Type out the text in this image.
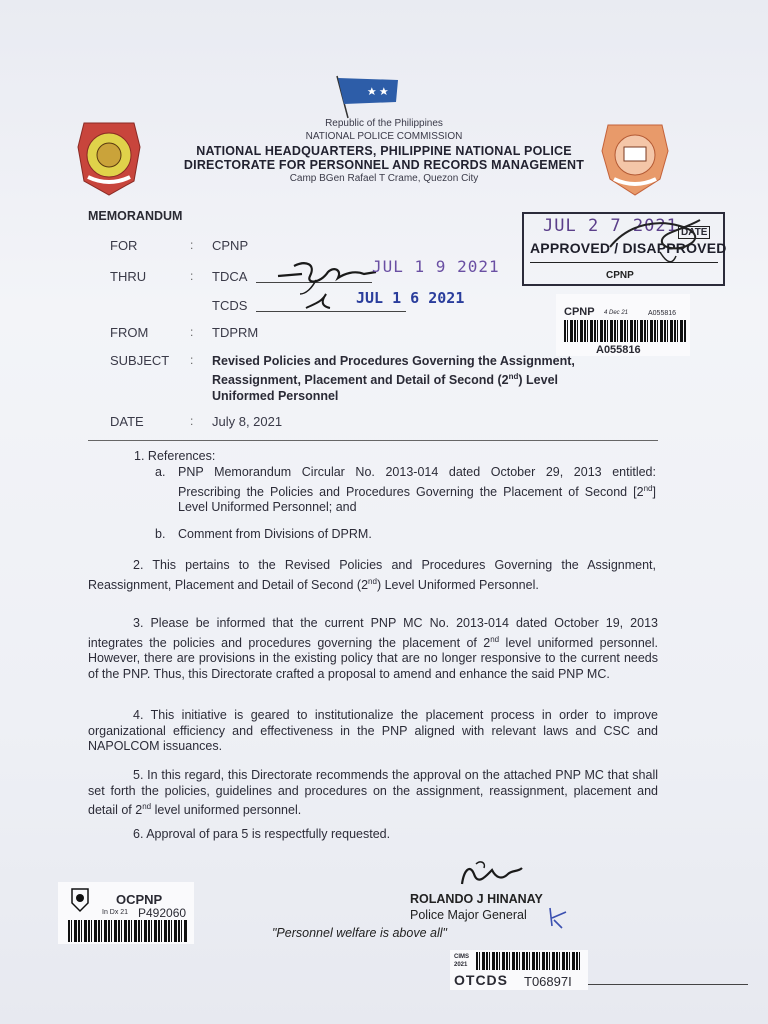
Republic of the Philippines
NATIONAL POLICE COMMISSION
NATIONAL HEADQUARTERS, PHILIPPINE NATIONAL POLICE
DIRECTORATE FOR PERSONNEL AND RECORDS MANAGEMENT
Camp BGen Rafael T Crame, Quezon City
MEMORANDUM	JUL 2 7 2021 DATE
APPROVED / DISAPPROVED
CPNP
FOR	: CPNP
THRU	: TDCA
JUL 1 9 2021
TCDS	JUL 1 6 2021
CPNP 4 Dec 21	A055816
A055816
FROM	: TDPRM
SUBJECT : Revised Policies and Procedures Governing the Assignment,
Reassignment, Placement and Detail of Second (2nd) Level
Uniformed Personnel
DATE	: July 8, 2021
1. References:
a. PNP Memorandum Circular No. 2013-014 dated October 29, 2013 entitled: Prescribing the Policies and Procedures Governing the Placement of Second [2nd] Level Uniformed Personnel; and
b. Comment from Divisions of DPRM.
2. This pertains to the Revised Policies and Procedures Governing the Assignment, Reassignment, Placement and Detail of Second (2nd) Level Uniformed Personnel.
3. Please be informed that the current PNP MC No. 2013-014 dated October 19, 2013 integrates the policies and procedures governing the placement of 2nd level uniformed personnel. However, there are provisions in the existing policy that are no longer responsive to the current needs of the PNP. Thus, this Directorate crafted a proposal to amend and enhance the said PNP MC.
4. This initiative is geared to institutionalize the placement process in order to improve organizational efficiency and effectiveness in the PNP aligned with relevant laws and CSC and NAPOLCOM issuances.
5. In this regard, this Directorate recommends the approval on the attached PNP MC that shall set forth the policies, guidelines and procedures on the assignment, reassignment, placement and detail of 2nd level uniformed personnel.
6. Approval of para 5 is respectfully requested.
ROLANDO J HINANAY
Police Major General
"Personnel welfare is above all"
OCPNP
In Dx 21 P492060
CIMS
2021
OTCDS T06897I
